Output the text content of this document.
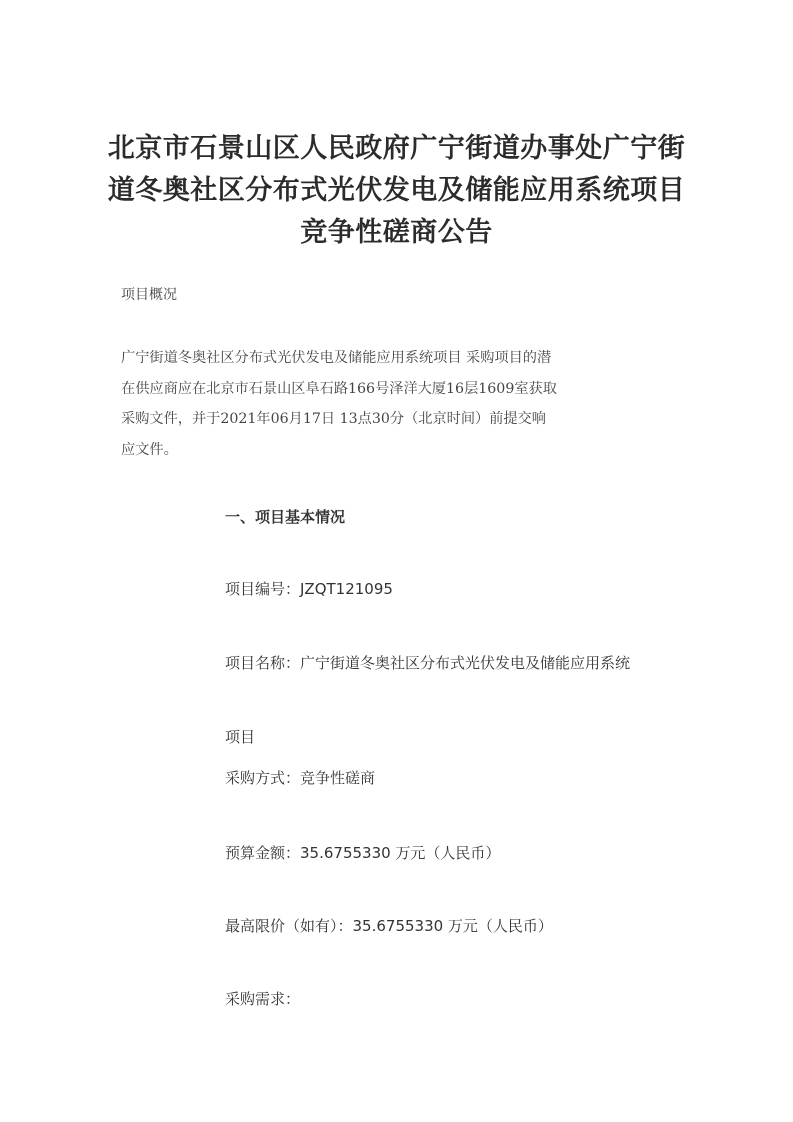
北京市石景山区人民政府广宁街道办事处广宁街
道冬奥社区分布式光伏发电及储能应用系统项目
竞争性磋商公告
项目概况
广宁街道冬奥社区分布式光伏发电及储能应用系统项目 采购项目的潜
在供应商应在北京市石景山区阜石路166号泽洋大厦16层1609室获取
采购文件，并于2021年06月17日 13点30分（北京时间）前提交响
应文件。
一、项目基本情况
项目编号：JZQT121095
项目名称：广宁街道冬奥社区分布式光伏发电及储能应用系统
项目
采购方式：竞争性磋商
预算金额：35.6755330 万元（人民币）
最高限价（如有）：35.6755330 万元（人民币）
采购需求：
